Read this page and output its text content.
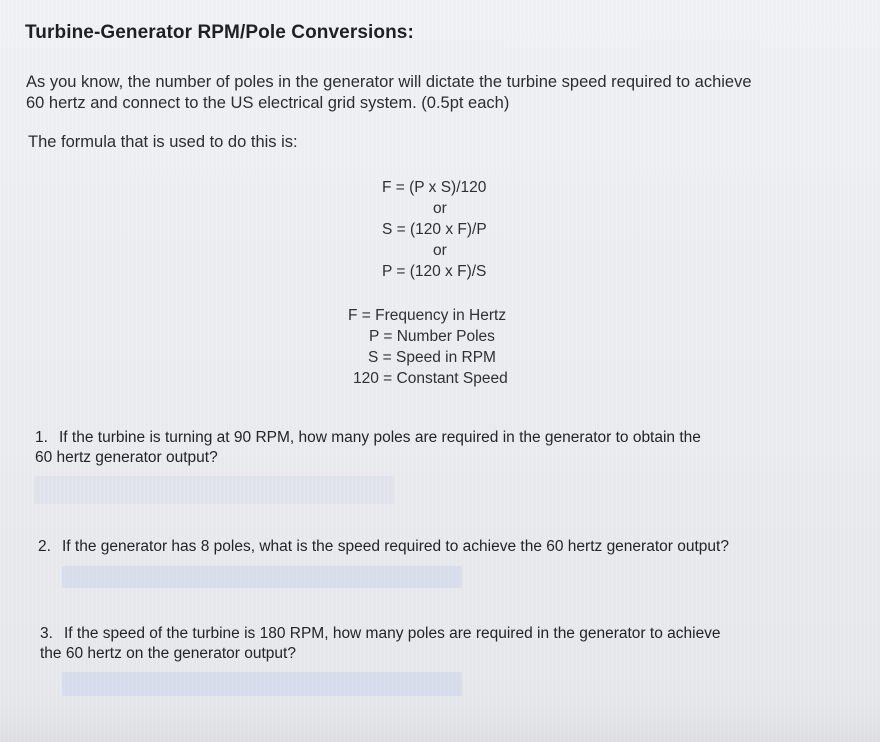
Turbine-Generator RPM/Pole Conversions:

As you know, the number of poles in the generator will dictate the turbine speed required to achieve

60 hertz and connect to the US electrical grid system. (0.5pt each)

The formula that is used to do this is:
F = (P x S)/120
or
S = (120 x F)/P
or
P = (120 x F)/S
F = Frequency in Hertz
P = Number Poles
S = Speed in RPM
120 = Constant Speed
1. If the turbine is turning at 90 RPM, how many poles are required in the generator to obtain the
60 hertz generator output?
2. If the generator has 8 poles, what is the speed required to achieve the 60 hertz generator output?
3. If the speed of the turbine is 180 RPM, how many poles are required in the generator to achieve
the 60 hertz on the generator output?
